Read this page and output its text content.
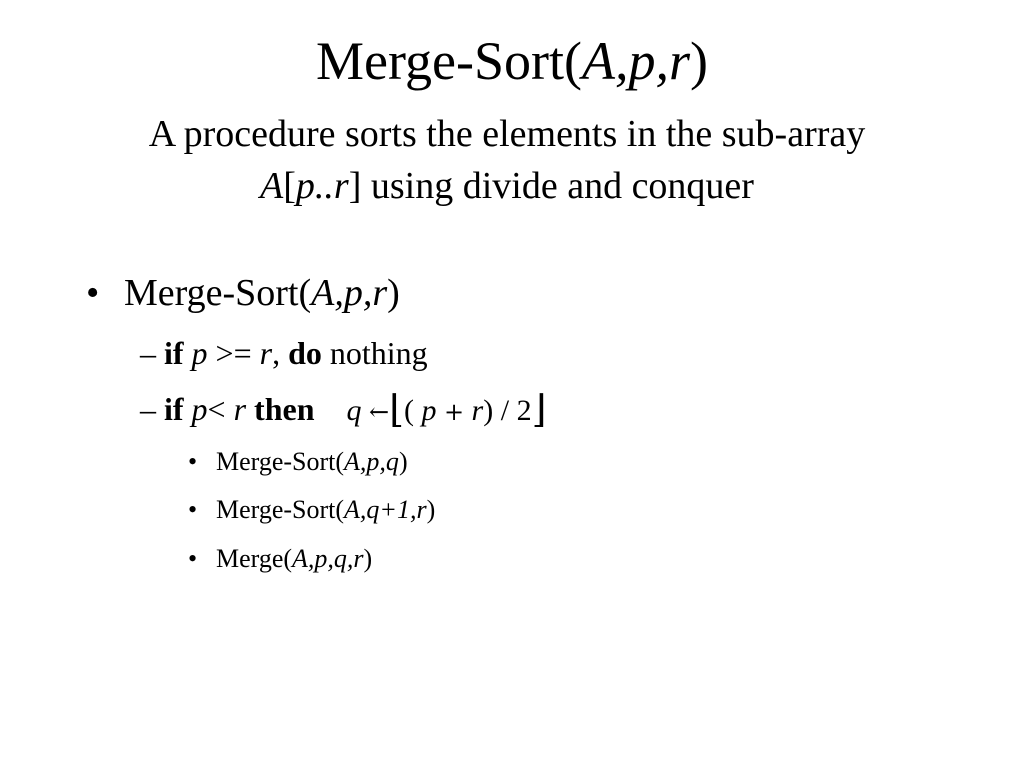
Merge-Sort(A,p,r)
A procedure sorts the elements in the sub-array
A[p..r] using divide and conquer
• Merge-Sort(A,p,r)
– if p >= r, do nothing
– if p< r then q ←⌊( p + r) / 2⌋
• Merge-Sort(A,p,q)
• Merge-Sort(A,q+1,r)
• Merge(A,p,q,r)
